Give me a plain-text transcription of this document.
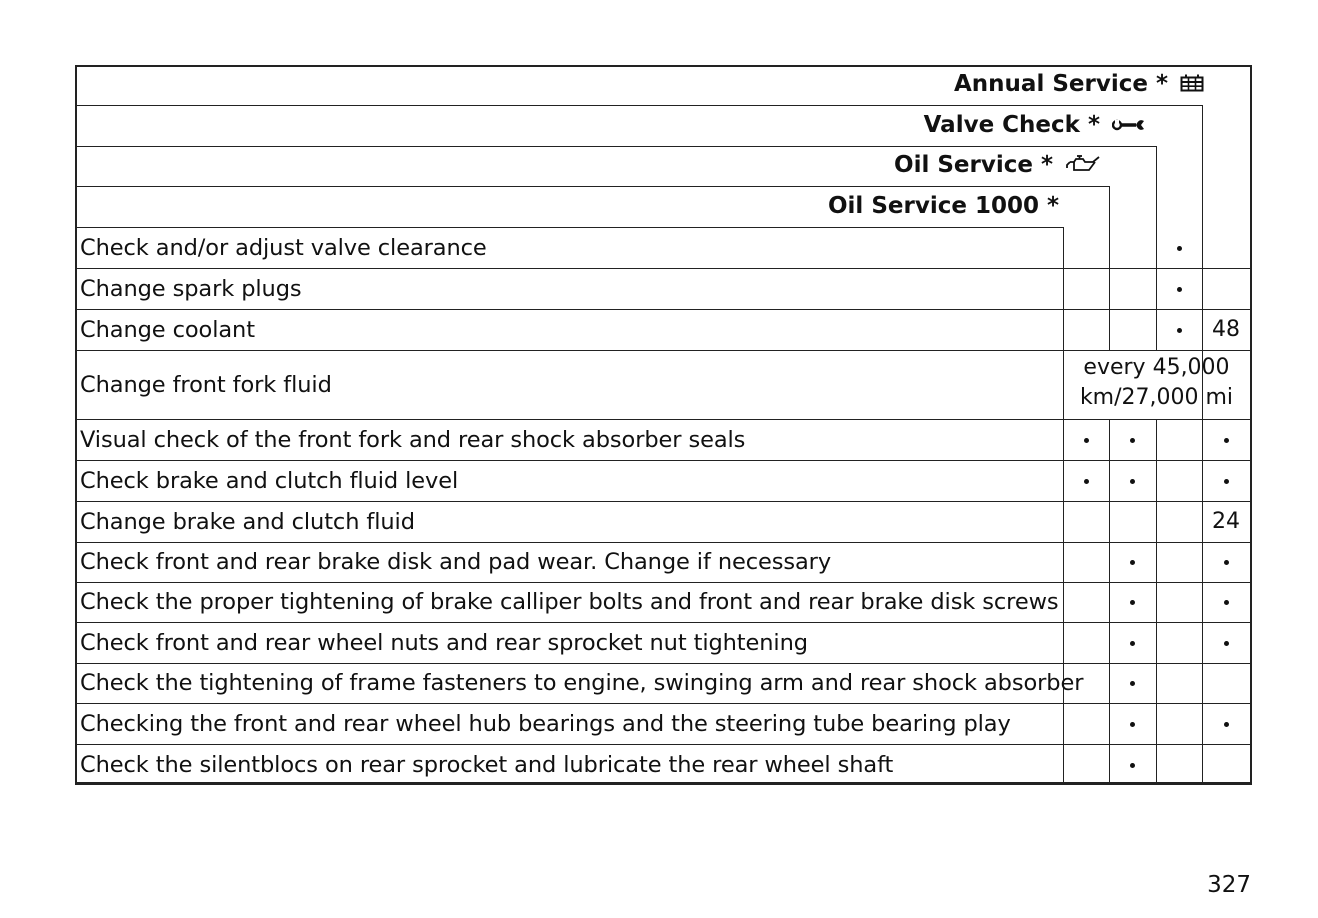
Annual Service *
Valve Check *
Oil Service *
Oil Service 1000 *
327
Check and/or adjust valve clearance
Change spark plugs
Change coolant	48
Change front fork fluid
every 45,000
km/27,000 mi
Visual check of the front fork and rear shock absorber seals
Check brake and clutch fluid level
Change brake and clutch fluid	24
Check front and rear brake disk and pad wear. Change if necessary
Check the proper tightening of brake calliper bolts and front and rear brake disk screws
Check front and rear wheel nuts and rear sprocket nut tightening
Check the tightening of frame fasteners to engine, swinging arm and rear shock absorber
Checking the front and rear wheel hub bearings and the steering tube bearing play
Check the silentblocs on rear sprocket and lubricate the rear wheel shaft
